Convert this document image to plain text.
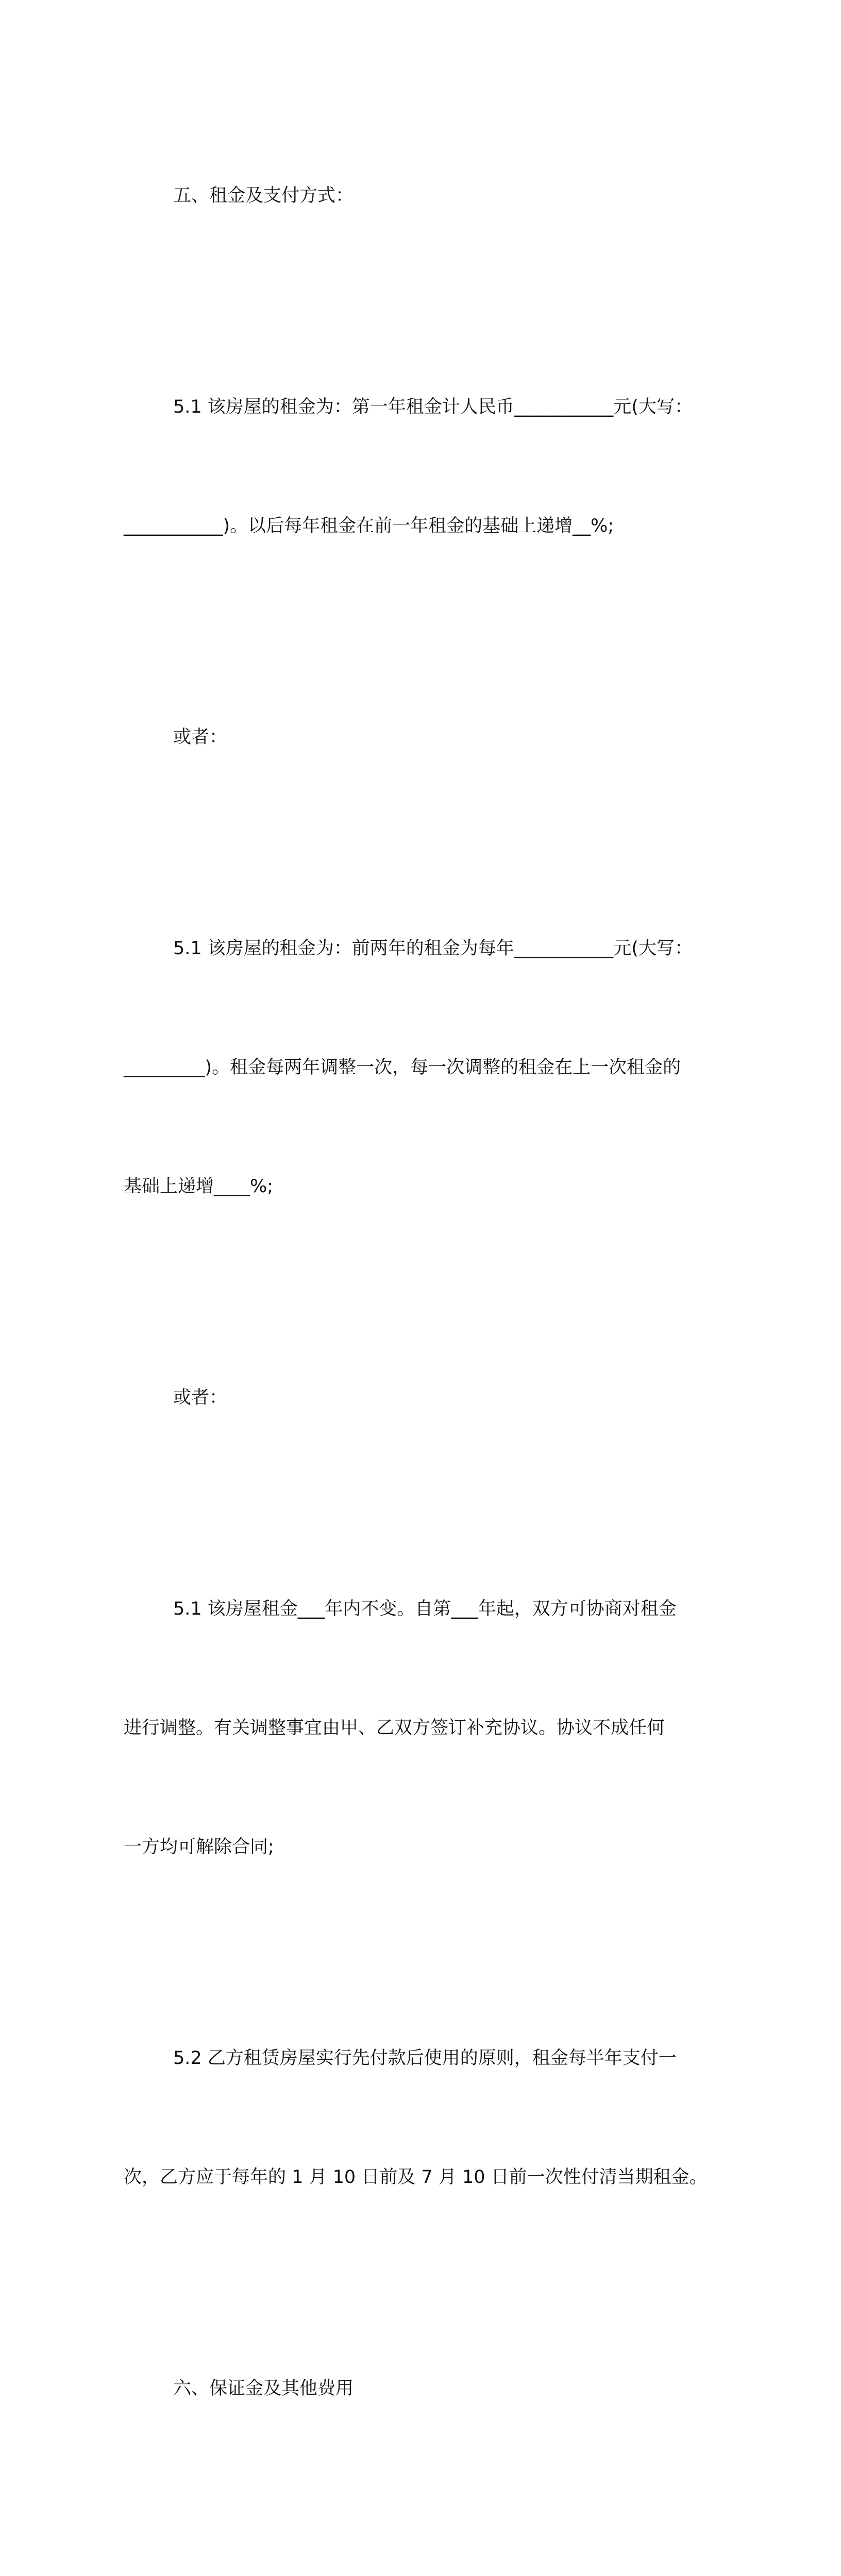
五、租金及支付方式：

5.1 该房屋的租金为：第一年租金计人民币___________元(大写：

___________)。以后每年租金在前一年租金的基础上递增__%;

或者：

5.1 该房屋的租金为：前两年的租金为每年___________元(大写：

_________)。租金每两年调整一次，每一次调整的租金在上一次租金的

基础上递增____%;

或者：

5.1 该房屋租金___年内不变。自第___年起，双方可协商对租金

进行调整。有关调整事宜由甲、乙双方签订补充协议。协议不成任何

一方均可解除合同;

5.2 乙方租赁房屋实行先付款后使用的原则，租金每半年支付一

次，乙方应于每年的 1 月 10 日前及 7 月 10 日前一次性付清当期租金。

六、保证金及其他费用
